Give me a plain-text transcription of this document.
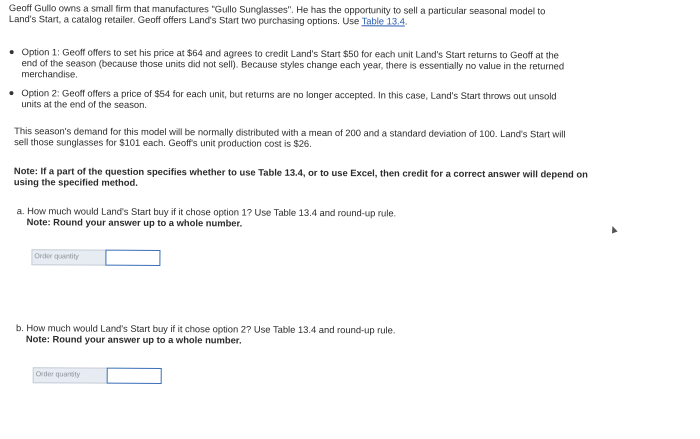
Geoff Gullo owns a small firm that manufactures "Gullo Sunglasses". He has the opportunity to sell a particular seasonal model to
Land's Start, a catalog retailer. Geoff offers Land's Start two purchasing options. Use Table 13.4.
Option 1: Geoff offers to set his price at $64 and agrees to credit Land's Start $50 for each unit Land's Start returns to Geoff at the
end of the season (because those units did not sell). Because styles change each year, there is essentially no value in the returned
merchandise.
Option 2: Geoff offers a price of $54 for each unit, but returns are no longer accepted. In this case, Land's Start throws out unsold
units at the end of the season.
This season's demand for this model will be normally distributed with a mean of 200 and a standard deviation of 100. Land's Start will
sell those sunglasses for $101 each. Geoff's unit production cost is $26.
Note: If a part of the question specifies whether to use Table 13.4, or to use Excel, then credit for a correct answer will depend on
using the specified method.
a. How much would Land's Start buy if it chose option 1? Use Table 13.4 and round-up rule.
Note: Round your answer up to a whole number.
Order quantity
b. How much would Land's Start buy if it chose option 2? Use Table 13.4 and round-up rule.
Note: Round your answer up to a whole number.
Order quantity
